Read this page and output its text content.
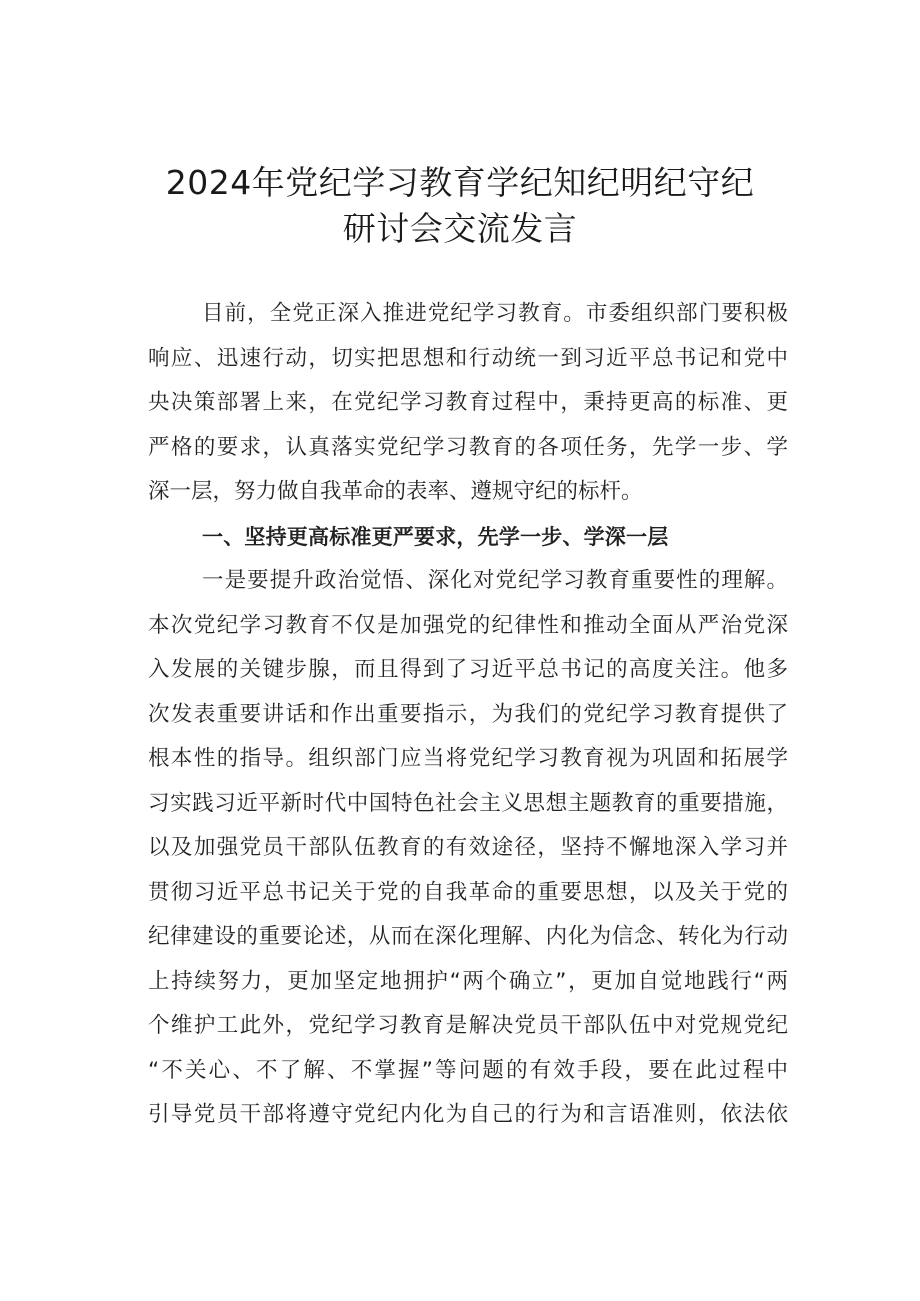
2024年党纪学习教育学纪知纪明纪守纪
研讨会交流发言
目前，全党正深入推进党纪学习教育。市委组织部门要积极
响应、迅速行动，切实把思想和行动统一到习近平总书记和党中
央决策部署上来，在党纪学习教育过程中，秉持更高的标准、更
严格的要求，认真落实党纪学习教育的各项任务，先学一步、学
深一层，努力做自我革命的表率、遵规守纪的标杆。
一、坚持更高标准更严要求，先学一步、学深一层
一是要提升政治觉悟、深化对党纪学习教育重要性的理解。
本次党纪学习教育不仅是加强党的纪律性和推动全面从严治党深
入发展的关键步腺，而且得到了习近平总书记的高度关注。他多
次发表重要讲话和作出重要指示，为我们的党纪学习教育提供了
根本性的指导。组织部门应当将党纪学习教育视为巩固和拓展学
习实践习近平新时代中国特色社会主义思想主题教育的重要措施，
以及加强党员干部队伍教育的有效途径，坚持不懈地深入学习并
贯彻习近平总书记关于党的自我革命的重要思想，以及关于党的
纪律建设的重要论述，从而在深化理解、内化为信念、转化为行动
上持续努力，更加坚定地拥护“两个确立”，更加自觉地践行“两
个维护工此外，党纪学习教育是解决党员干部队伍中对党规党纪
“不关心、不了解、不掌握”等问题的有效手段，要在此过程中
引导党员干部将遵守党纪内化为自己的行为和言语准则，依法依
